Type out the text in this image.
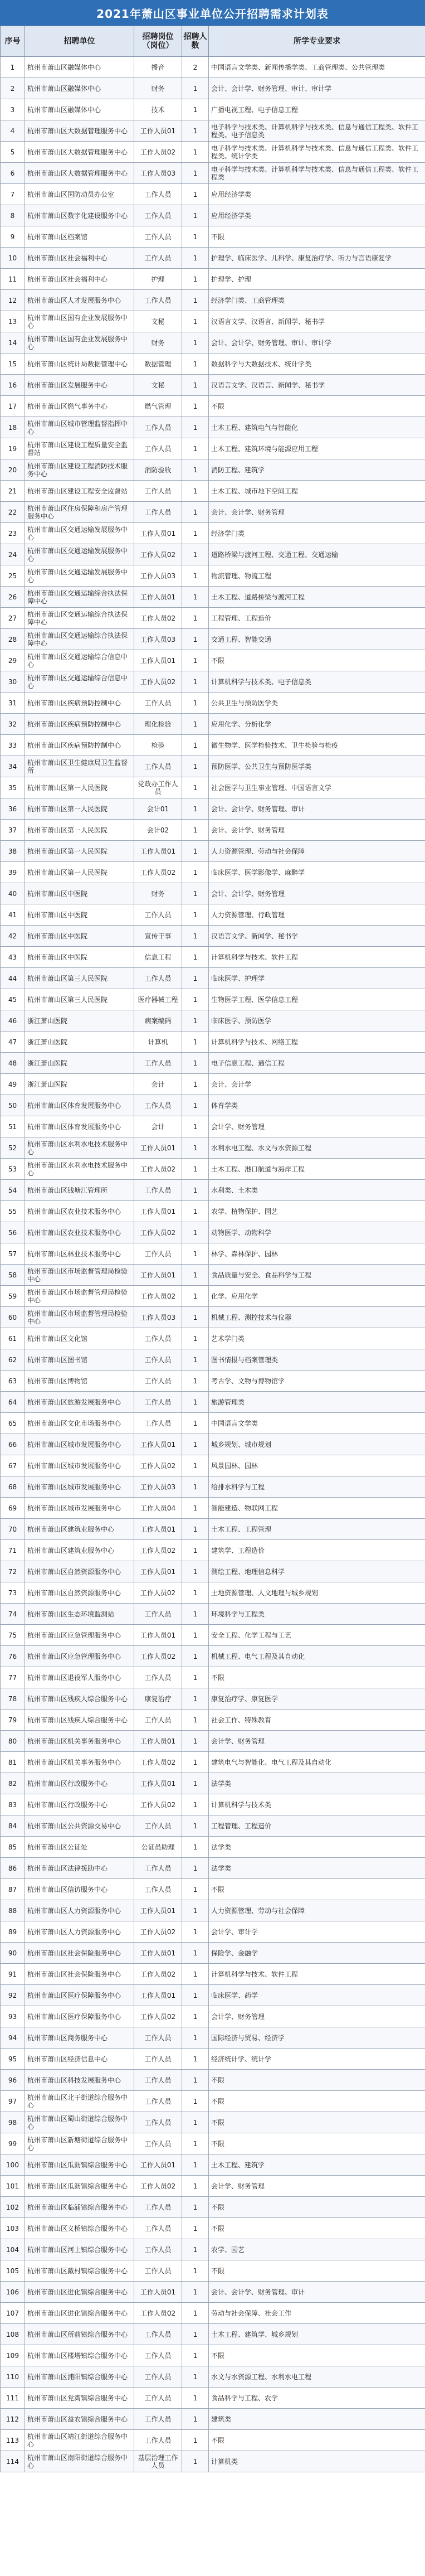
2021年萧山区事业单位公开招聘需求计划表
序号	招聘单位	招聘岗位（岗位）	招聘人数	所学专业要求
1	杭州市萧山区融媒体中心	播音	2	中国语言文学类、新闻传播学类、工商管理类、公共管理类
2	杭州市萧山区融媒体中心	财务	1	会计、会计学、财务管理、审计、审计学
3	杭州市萧山区融媒体中心	技术	1	广播电视工程、电子信息工程
4	杭州市萧山区大数据管理服务中心	工作人员01	1	电子科学与技术类、计算机科学与技术类、信息与通信工程类、软件工程类、电子信息类
5	杭州市萧山区大数据管理服务中心	工作人员02	1	电子科学与技术类、计算机科学与技术类、信息与通信工程类、软件工程类、统计学类
6	杭州市萧山区大数据管理服务中心	工作人员03	1	电子科学与技术类、计算机科学与技术类、信息与通信工程类、软件工程类
7	杭州市萧山区国防动员办公室	工作人员	1	应用经济学类
8	杭州市萧山区数字化建设服务中心	工作人员	1	应用经济学类
9	杭州市萧山区档案馆	工作人员	1	不限
10	杭州市萧山区社会福利中心	工作人员	1	护理学、临床医学、儿科学、康复治疗学、听力与言语康复学
11	杭州市萧山区社会福利中心	护理	1	护理学、护理
12	杭州市萧山区人才发展服务中心	工作人员	1	经济学门类、工商管理类
13	杭州市萧山区国有企业发展服务中心	文秘	1	汉语言文学、汉语言、新闻学、秘书学
14	杭州市萧山区国有企业发展服务中心	财务	1	会计、会计学、财务管理、审计、审计学
15	杭州市萧山区统计局数据管理中心	数据管理	1	数据科学与大数据技术、统计学类
16	杭州市萧山区发展服务中心	文秘	1	汉语言文学、汉语言、新闻学、秘书学
17	杭州市萧山区燃气事务中心	燃气管理	1	不限
18	杭州市萧山区城市管理监督指挥中心	工作人员	1	土木工程、建筑电气与智能化
19	杭州市萧山区建设工程质量安全监督站	工作人员	1	土木工程、建筑环境与能源应用工程
20	杭州市萧山区建设工程消防技术服务中心	消防验收	1	消防工程、建筑学
21	杭州市萧山区建设工程安全监督站	工作人员	1	土木工程、城市地下空间工程
22	杭州市萧山区住房保障和房产管理服务中心	工作人员	1	会计、会计学、财务管理
23	杭州市萧山区交通运输发展服务中心	工作人员01	1	经济学门类
24	杭州市萧山区交通运输发展服务中心	工作人员02	1	道路桥梁与渡河工程、交通工程、交通运输
25	杭州市萧山区交通运输发展服务中心	工作人员03	1	物流管理、物流工程
26	杭州市萧山区交通运输综合执法保障中心	工作人员01	1	土木工程、道路桥梁与渡河工程
27	杭州市萧山区交通运输综合执法保障中心	工作人员02	1	工程管理、工程造价
28	杭州市萧山区交通运输综合执法保障中心	工作人员03	1	交通工程、智能交通
29	杭州市萧山区交通运输综合信息中心	工作人员01	1	不限
30	杭州市萧山区交通运输综合信息中心	工作人员02	1	计算机科学与技术类、电子信息类
31	杭州市萧山区疾病预防控制中心	工作人员	1	公共卫生与预防医学类
32	杭州市萧山区疾病预防控制中心	理化检验	1	应用化学、分析化学
33	杭州市萧山区疾病预防控制中心	检验	1	微生物学、医学检验技术、卫生检验与检疫
34	杭州市萧山区卫生健康局卫生监督所	工作人员	1	预防医学、公共卫生与预防医学类
35	杭州市萧山区第一人民医院	党政办工作人员	1	社会医学与卫生事业管理、中国语言文学
36	杭州市萧山区第一人民医院	会计01	1	会计、会计学、财务管理、审计
37	杭州市萧山区第一人民医院	会计02	1	会计、会计学、财务管理
38	杭州市萧山区第一人民医院	工作人员01	1	人力资源管理、劳动与社会保障
39	杭州市萧山区第一人民医院	工作人员02	1	临床医学、医学影像学、麻醉学
40	杭州市萧山区中医院	财务	1	会计、会计学、财务管理
41	杭州市萧山区中医院	工作人员	1	人力资源管理、行政管理
42	杭州市萧山区中医院	宣传干事	1	汉语言文学、新闻学、秘书学
43	杭州市萧山区中医院	信息工程	1	计算机科学与技术、软件工程
44	杭州市萧山区第三人民医院	工作人员	1	临床医学、护理学
45	杭州市萧山区第三人民医院	医疗器械工程	1	生物医学工程、医学信息工程
46	浙江萧山医院	病案编码	1	临床医学、预防医学
47	浙江萧山医院	计算机	1	计算机科学与技术、网络工程
48	浙江萧山医院	工作人员	1	电子信息工程、通信工程
49	浙江萧山医院	会计	1	会计、会计学
50	杭州市萧山区体育发展服务中心	工作人员	1	体育学类
51	杭州市萧山区体育发展服务中心	会计	1	会计学、财务管理
52	杭州市萧山区水利水电技术服务中心	工作人员01	1	水利水电工程、水文与水资源工程
53	杭州市萧山区水利水电技术服务中心	工作人员02	1	土木工程、港口航道与海岸工程
54	杭州市萧山区钱塘江管理所	工作人员	1	水利类、土木类
55	杭州市萧山区农业技术服务中心	工作人员01	1	农学、植物保护、园艺
56	杭州市萧山区农业技术服务中心	工作人员02	1	动物医学、动物科学
57	杭州市萧山区林业技术服务中心	工作人员	1	林学、森林保护、园林
58	杭州市萧山区市场监督管理局检验中心	工作人员01	1	食品质量与安全、食品科学与工程
59	杭州市萧山区市场监督管理局检验中心	工作人员02	1	化学、应用化学
60	杭州市萧山区市场监督管理局检验中心	工作人员03	1	机械工程、测控技术与仪器
61	杭州市萧山区文化馆	工作人员	1	艺术学门类
62	杭州市萧山区图书馆	工作人员	1	图书情报与档案管理类
63	杭州市萧山区博物馆	工作人员	1	考古学、文物与博物馆学
64	杭州市萧山区旅游发展服务中心	工作人员	1	旅游管理类
65	杭州市萧山区文化市场服务中心	工作人员	1	中国语言文学类
66	杭州市萧山区城市发展服务中心	工作人员01	1	城乡规划、城市规划
67	杭州市萧山区城市发展服务中心	工作人员02	1	风景园林、园林
68	杭州市萧山区城市发展服务中心	工作人员03	1	给排水科学与工程
69	杭州市萧山区城市发展服务中心	工作人员04	1	智能建造、物联网工程
70	杭州市萧山区建筑业服务中心	工作人员01	1	土木工程、工程管理
71	杭州市萧山区建筑业服务中心	工作人员02	1	建筑学、工程造价
72	杭州市萧山区自然资源服务中心	工作人员01	1	测绘工程、地理信息科学
73	杭州市萧山区自然资源服务中心	工作人员02	1	土地资源管理、人文地理与城乡规划
74	杭州市萧山区生态环境监测站	工作人员	1	环境科学与工程类
75	杭州市萧山区应急管理服务中心	工作人员01	1	安全工程、化学工程与工艺
76	杭州市萧山区应急管理服务中心	工作人员02	1	机械工程、电气工程及其自动化
77	杭州市萧山区退役军人服务中心	工作人员	1	不限
78	杭州市萧山区残疾人综合服务中心	康复治疗	1	康复治疗学、康复医学
79	杭州市萧山区残疾人综合服务中心	工作人员	1	社会工作、特殊教育
80	杭州市萧山区机关事务服务中心	工作人员01	1	会计学、财务管理
81	杭州市萧山区机关事务服务中心	工作人员02	1	建筑电气与智能化、电气工程及其自动化
82	杭州市萧山区行政服务中心	工作人员01	1	法学类
83	杭州市萧山区行政服务中心	工作人员02	1	计算机科学与技术类
84	杭州市萧山区公共资源交易中心	工作人员	1	工程管理、工程造价
85	杭州市萧山区公证处	公证员助理	1	法学类
86	杭州市萧山区法律援助中心	工作人员	1	法学类
87	杭州市萧山区信访服务中心	工作人员	1	不限
88	杭州市萧山区人力资源服务中心	工作人员01	1	人力资源管理、劳动与社会保障
89	杭州市萧山区人力资源服务中心	工作人员02	1	会计学、审计学
90	杭州市萧山区社会保险服务中心	工作人员01	1	保险学、金融学
91	杭州市萧山区社会保险服务中心	工作人员02	1	计算机科学与技术、软件工程
92	杭州市萧山区医疗保障服务中心	工作人员01	1	临床医学、药学
93	杭州市萧山区医疗保障服务中心	工作人员02	1	会计学、财务管理
94	杭州市萧山区商务服务中心	工作人员	1	国际经济与贸易、经济学
95	杭州市萧山区经济信息中心	工作人员	1	经济统计学、统计学
96	杭州市萧山区科技发展服务中心	工作人员	1	不限
97	杭州市萧山区北干街道综合服务中心	工作人员	1	不限
98	杭州市萧山区蜀山街道综合服务中心	工作人员	1	不限
99	杭州市萧山区新塘街道综合服务中心	工作人员	1	不限
100	杭州市萧山区瓜沥镇综合服务中心	工作人员01	1	土木工程、建筑学
101	杭州市萧山区瓜沥镇综合服务中心	工作人员02	1	会计学、财务管理
102	杭州市萧山区临浦镇综合服务中心	工作人员	1	不限
103	杭州市萧山区义桥镇综合服务中心	工作人员	1	不限
104	杭州市萧山区河上镇综合服务中心	工作人员	1	农学、园艺
105	杭州市萧山区戴村镇综合服务中心	工作人员	1	不限
106	杭州市萧山区进化镇综合服务中心	工作人员01	1	会计、会计学、财务管理、审计
107	杭州市萧山区进化镇综合服务中心	工作人员02	1	劳动与社会保障、社会工作
108	杭州市萧山区所前镇综合服务中心	工作人员	1	土木工程、建筑学、城乡规划
109	杭州市萧山区楼塔镇综合服务中心	工作人员	1	不限
110	杭州市萧山区浦阳镇综合服务中心	工作人员	1	水文与水资源工程、水利水电工程
111	杭州市萧山区党湾镇综合服务中心	工作人员	1	食品科学与工程、农学
112	杭州市萧山区益农镇综合服务中心	工作人员	1	建筑类
113	杭州市萧山区靖江街道综合服务中心	工作人员	1	不限
114	杭州市萧山区南阳街道综合服务中心	基层治理工作人员	1	计算机类
